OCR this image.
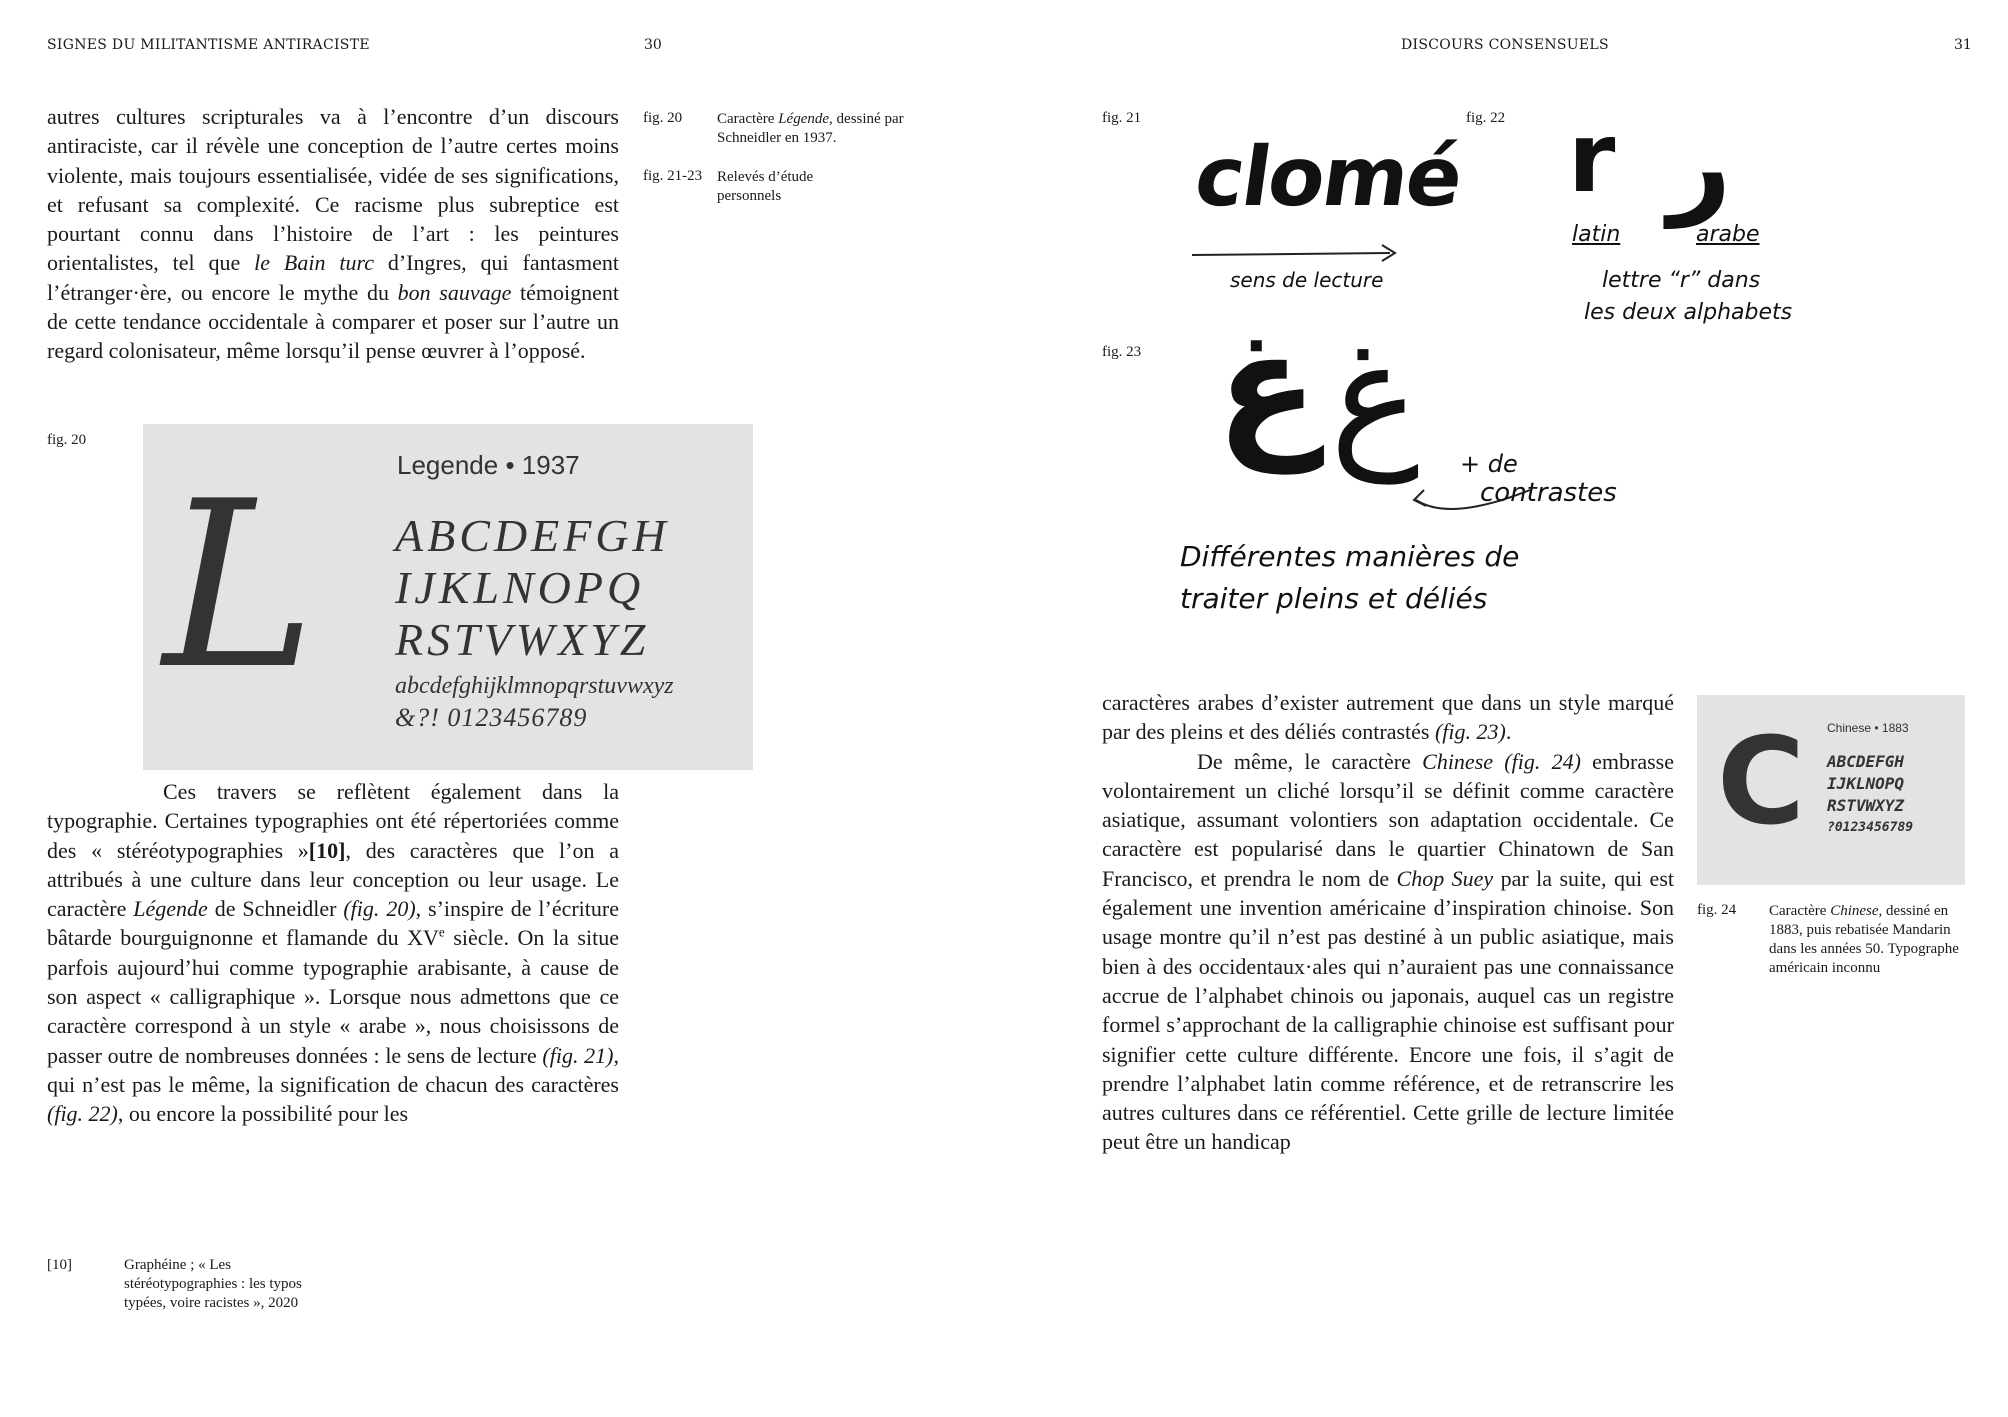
SIGNES DU MILITANTISME ANTIRACISTE	30
autres cultures scripturales va à l’encontre d’un discours antiraciste, car il révèle une conception de l’autre certes moins violente, mais toujours essentialisée, vidée de ses significations, et refusant sa complexité. Ce racisme plus subreptice est pourtant connu dans l’histoire de l’art : les peintures orientalistes, tel que le Bain turc d’Ingres, qui fantasment l’étranger·ère, ou encore le mythe du bon sauvage témoignent de cette tendance occidentale à comparer et poser sur l’autre un regard colonisateur, même lorsqu’il pense œuvrer à l’opposé.
fig. 20	Caractère Légende, dessiné par Schneidler en 1937.
fig. 21-23 Relevés d’étude personnels
fig. 20
Legende • 1937
L ABCDEFGH
IJKLNOPQ
RSTVWXYZ
abcdefghijklmnopqrstuvwxyz
&?! 0123456789

Ces travers se reflètent également dans la typographie. Certaines typographies ont été répertoriées comme des « stéréotypographies »[10], des caractères que l’on a attribués à une culture dans leur conception ou leur usage. Le caractère Légende de Schneidler (fig. 20), s’inspire de l’écriture bâtarde bourguignonne et flamande du XVe siècle. On la situe parfois aujourd’hui comme typographie arabisante, à cause de son aspect « calligraphique ». Lorsque nous admettons que ce caractère correspond à un style « arabe », nous choisissons de passer outre de nombreuses données : le sens de lecture (fig. 21), qui n’est pas le même, la signification de chacun des caractères (fig. 22), ou encore la possibilité pour les

[10]	Graphéine ; « Les stéréotypographies : les typos typées, voire racistes », 2020
DISCOURS CONSENSUELS	31
fig. 21
clomé
sens de lecture
fig. 22 r ر
latin	arabe
lettre “r” dans
les deux alphabets
fig. 23 غ غ + de
contrastes
Différentes manières de
traiter pleins et déliés

caractères arabes d’exister autrement que dans un style marqué par des pleins et des déliés contrastés (fig. 23).

De même, le caractère Chinese (fig. 24) embrasse volontairement un cliché lorsqu’il se définit comme caractère asiatique, assumant volontiers son adaptation occidentale. Ce caractère est popularisé dans le quartier Chinatown de San Francisco, et prendra le nom de Chop Suey par la suite, qui est également une invention américaine d’inspiration chinoise. Son usage montre qu’il n’est pas destiné à un public asiatique, mais bien à des occidentaux·ales qui n’auraient pas une connaissance accrue de l’alphabet chinois ou japonais, auquel cas un registre formel s’approchant de la calligraphie chinoise est suffisant pour signifier cette culture différente. Encore une fois, il s’agit de prendre l’alphabet latin comme référence, et de retranscrire les autres cultures dans ce référentiel. Cette grille de lecture limitée peut être un handicap

Chinese • 1883
C ABCDEFGH
IJKLNOPQ
RSTVWXYZ
?0123456789
fig. 24	Caractère Chinese, dessiné en 1883, puis rebatisée Mandarin dans les années 50. Typographe américain inconnu
